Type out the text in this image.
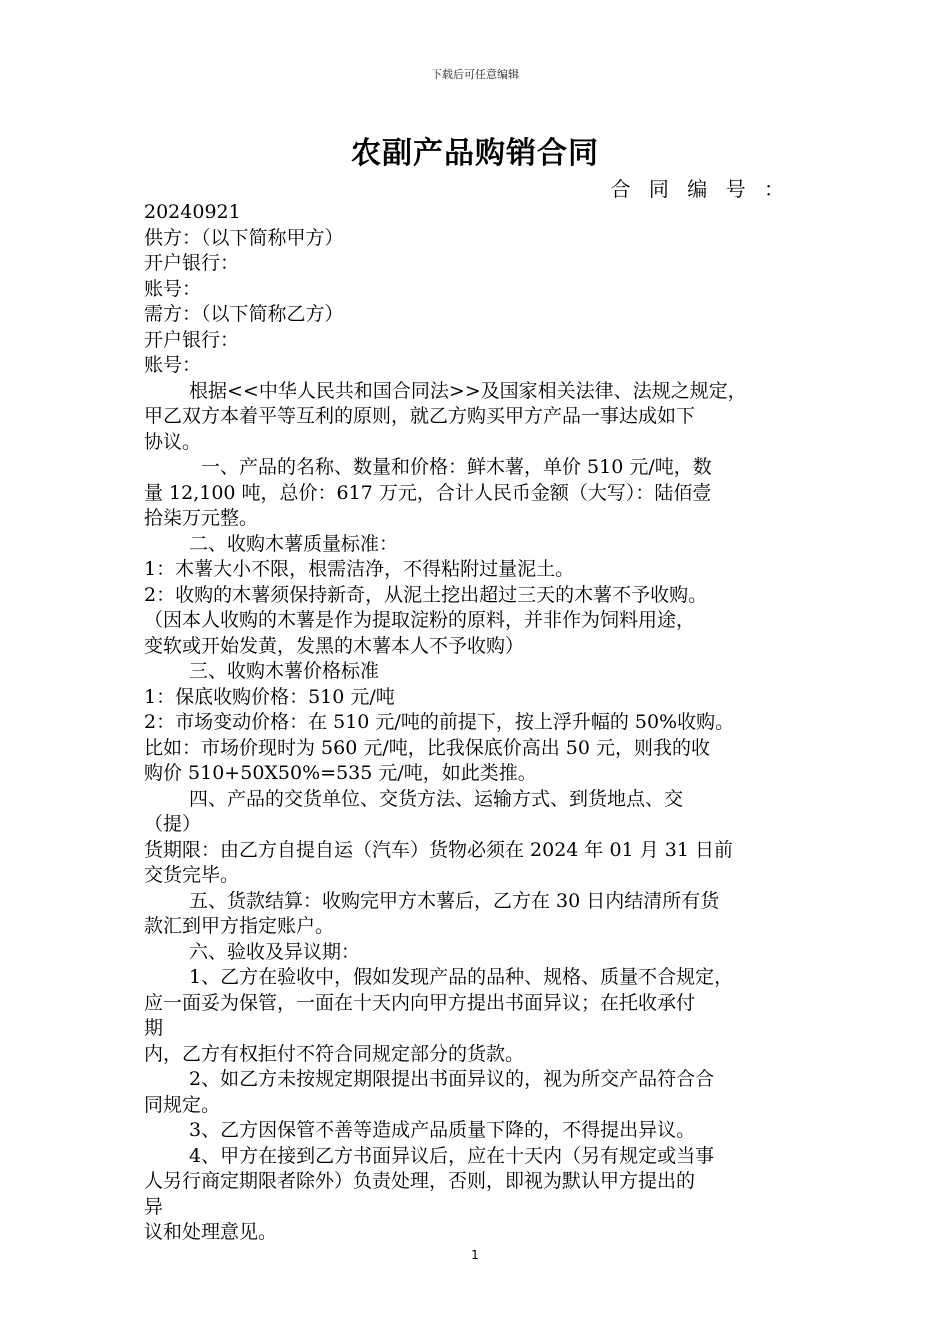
下载后可任意编辑
农副产品购销合同
合 同 编 号 ：
20240921
供方：（以下简称甲方）
开户银行：
账号：
需方：（以下简称乙方）
开户银行：
账号：
根据<<中华人民共和国合同法>>及国家相关法律、法规之规定，
甲乙双方本着平等互利的原则，就乙方购买甲方产品一事达成如下
协议。
一、产品的名称、数量和价格：鲜木薯，单价 510 元/吨，数
量 12,100 吨，总价：617 万元，合计人民币金额（大写）：陆佰壹
拾柒万元整。
二、收购木薯质量标准：
1：木薯大小不限，根需洁净，不得粘附过量泥土。
2：收购的木薯须保持新奇，从泥土挖出超过三天的木薯不予收购。
（因本人收购的木薯是作为提取淀粉的原料，并非作为饲料用途，
变软或开始发黄，发黑的木薯本人不予收购）
三、收购木薯价格标准
1：保底收购价格：510 元/吨
2：市场变动价格：在 510 元/吨的前提下，按上浮升幅的 50%收购。
比如：市场价现时为 560 元/吨，比我保底价高出 50 元，则我的收
购价 510+50X50%=535 元/吨，如此类推。
四、产品的交货单位、交货方法、运输方式、到货地点、交
（提）
货期限：由乙方自提自运（汽车）货物必须在 2024 年 01 月 31 日前
交货完毕。
五、货款结算：收购完甲方木薯后，乙方在 30 日内结清所有货
款汇到甲方指定账户。
六、验收及异议期：
1、乙方在验收中，假如发现产品的品种、规格、质量不合规定，
应一面妥为保管，一面在十天内向甲方提出书面异议；在托收承付
期
内，乙方有权拒付不符合同规定部分的货款。
2、如乙方未按规定期限提出书面异议的，视为所交产品符合合
同规定。
3、乙方因保管不善等造成产品质量下降的，不得提出异议。
4、甲方在接到乙方书面异议后，应在十天内（另有规定或当事
人另行商定期限者除外）负责处理，否则，即视为默认甲方提出的
异
议和处理意见。
1
